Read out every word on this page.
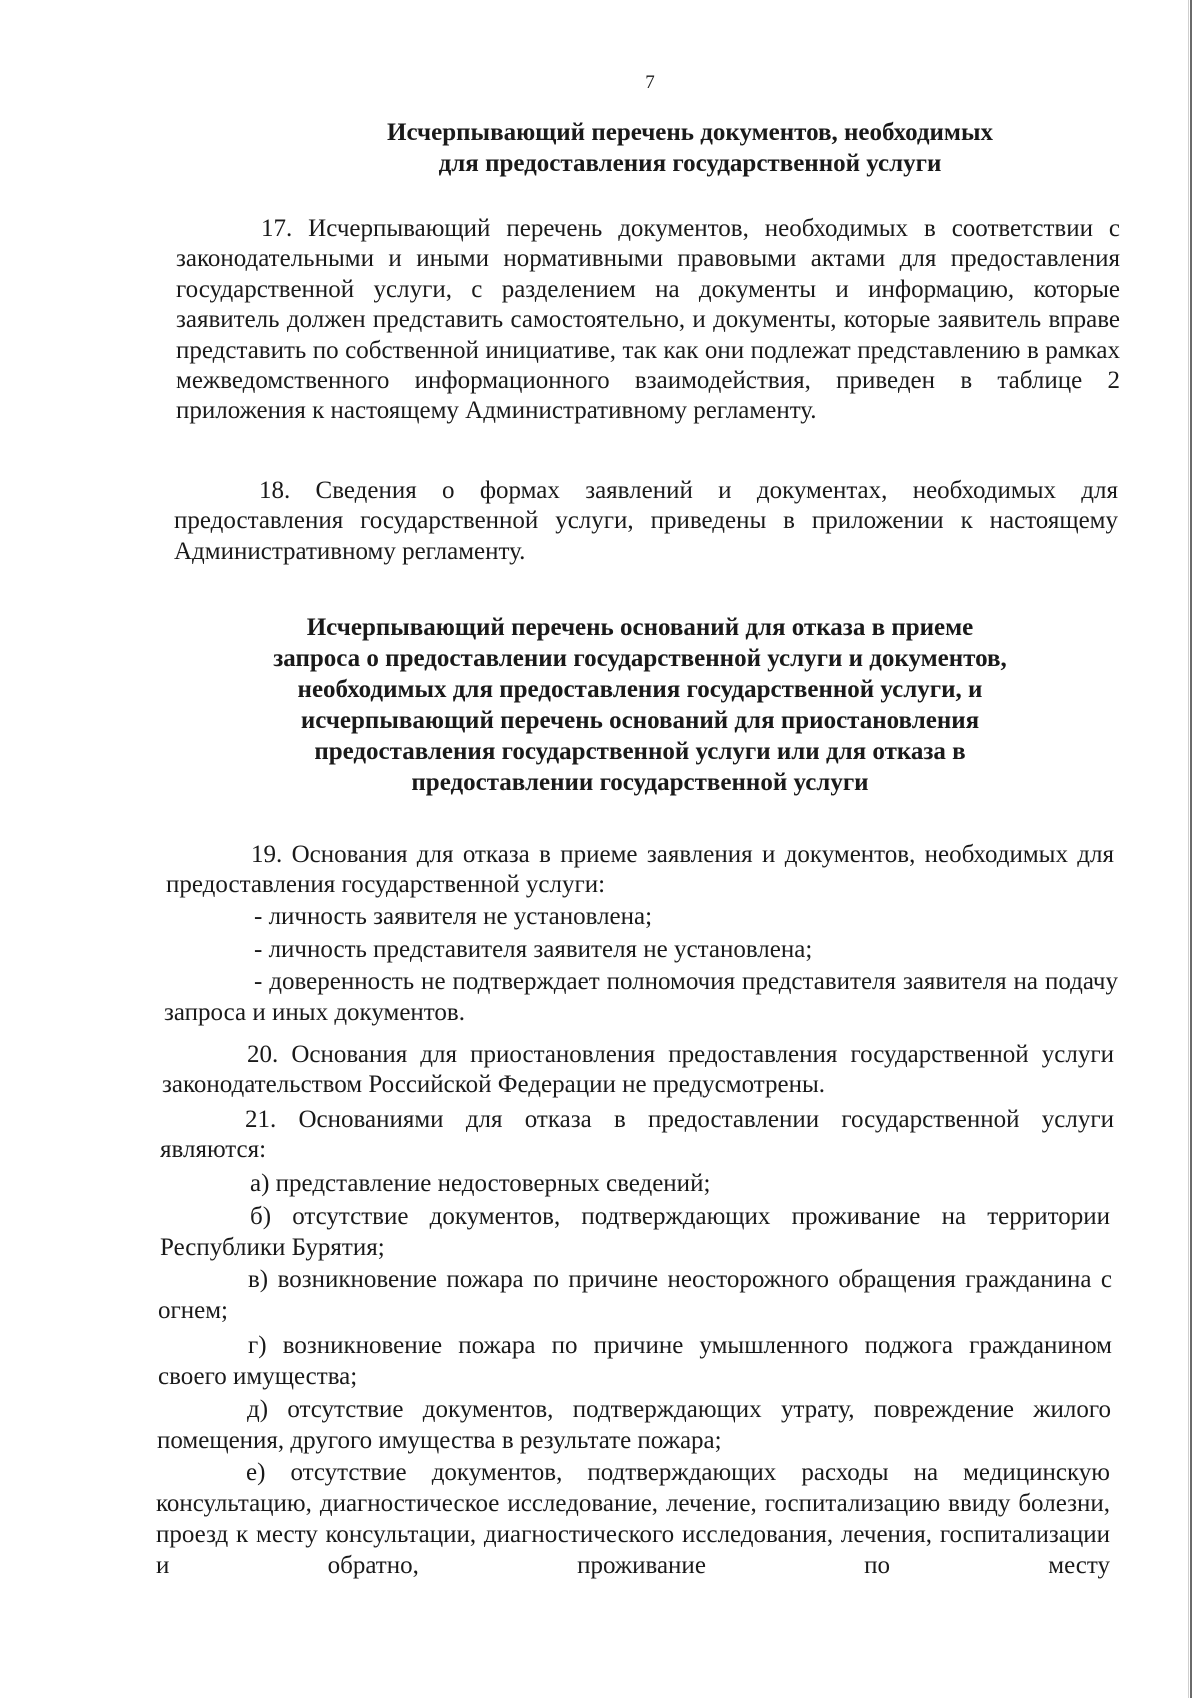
7
Исчерпывающий перечень документов, необходимых
для предоставления государственной услуги
17. Исчерпывающий перечень документов, необходимых в соответствии с законодательными и иными нормативными правовыми актами для предоставления государственной услуги, с разделением на документы и информацию, которые заявитель должен представить самостоятельно, и документы, которые заявитель вправе представить по собственной инициативе, так как они подлежат представлению в рамках межведомственного информационного взаимодействия, приведен в таблице 2 приложения к настоящему Административному регламенту.
18. Сведения о формах заявлений и документах, необходимых для предоставления государственной услуги, приведены в приложении к настоящему Административному регламенту.
Исчерпывающий перечень оснований для отказа в приеме
запроса о предоставлении государственной услуги и документов,
необходимых для предоставления государственной услуги, и
исчерпывающий перечень оснований для приостановления
предоставления государственной услуги или для отказа в
предоставлении государственной услуги
19. Основания для отказа в приеме заявления и документов, необходимых для предоставления государственной услуги:
- личность заявителя не установлена;
- личность представителя заявителя не установлена;
- доверенность не подтверждает полномочия представителя заявителя на подачу запроса и иных документов.
20. Основания для приостановления предоставления государственной услуги законодательством Российской Федерации не предусмотрены.
21. Основаниями для отказа в предоставлении государственной услуги являются:
а) представление недостоверных сведений;
б) отсутствие документов, подтверждающих проживание на территории Республики Бурятия;
в) возникновение пожара по причине неосторожного обращения гражданина с огнем;
г) возникновение пожара по причине умышленного поджога гражданином своего имущества;
д) отсутствие документов, подтверждающих утрату, повреждение жилого помещения, другого имущества в результате пожара;
е) отсутствие документов, подтверждающих расходы на медицинскую консультацию, диагностическое исследование, лечение, госпитализацию ввиду болезни, проезд к месту консультации, диагностического исследования, лечения, госпитализации и обратно, проживание по месту
